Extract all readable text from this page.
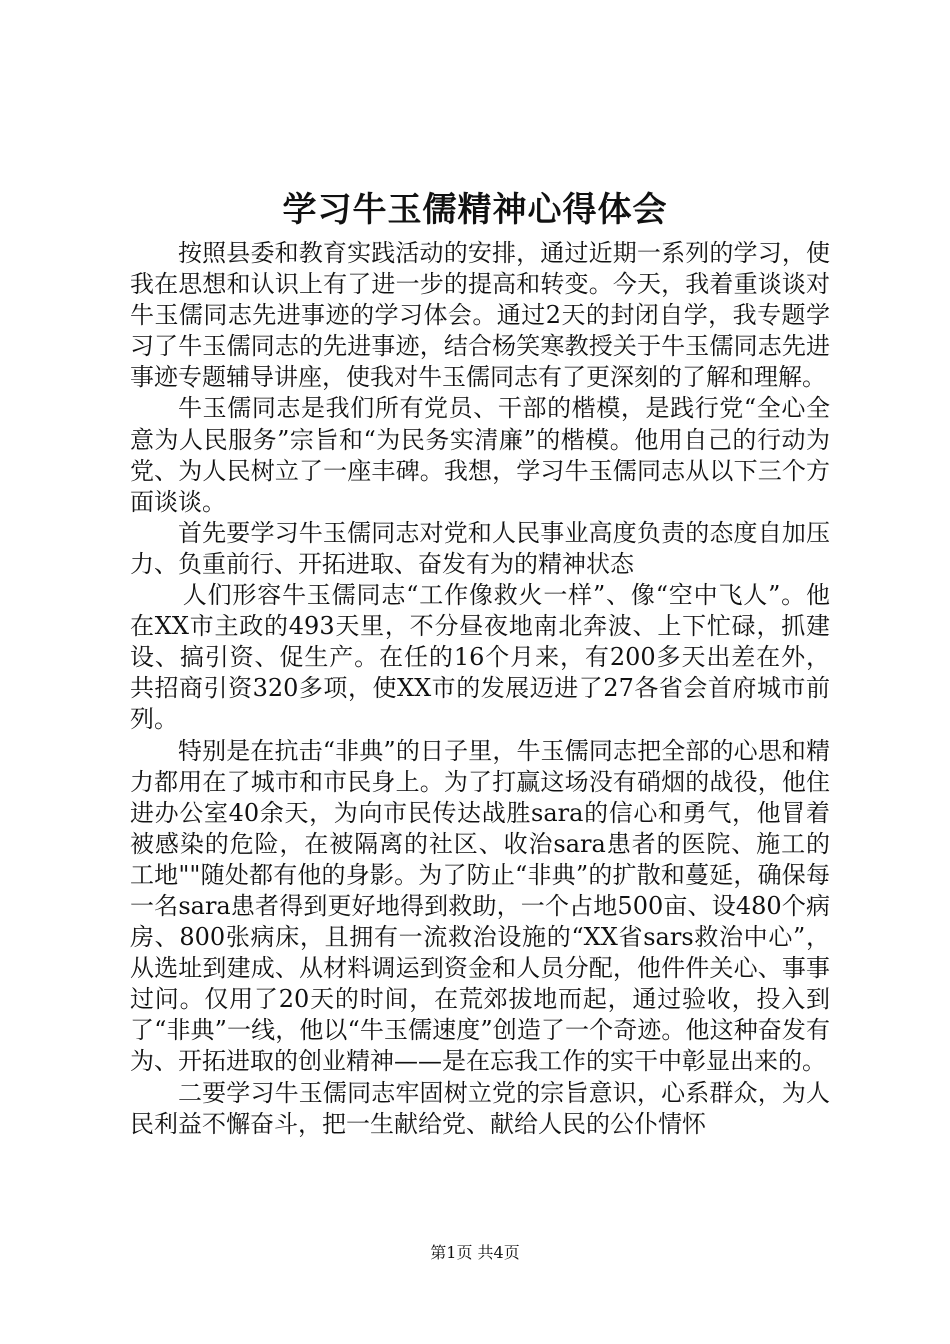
学习牛玉儒精神心得体会

按照县委和教育实践活动的安排，通过近期一系列的学习，使我在思想和认识上有了进一步的提高和转变。今天，我着重谈谈对牛玉儒同志先进事迹的学习体会。通过2天的封闭自学，我专题学习了牛玉儒同志的先进事迹，结合杨笑寒教授关于牛玉儒同志先进事迹专题辅导讲座，使我对牛玉儒同志有了更深刻的了解和理解。

牛玉儒同志是我们所有党员、干部的楷模，是践行党“全心全意为人民服务”宗旨和“为民务实清廉”的楷模。他用自己的行动为党、为人民树立了一座丰碑。我想，学习牛玉儒同志从以下三个方面谈谈。

首先要学习牛玉儒同志对党和人民事业高度负责的态度自加压力、负重前行、开拓进取、奋发有为的精神状态

人们形容牛玉儒同志“工作像救火一样”、像“空中飞人”。他在XX市主政的493天里，不分昼夜地南北奔波、上下忙碌，抓建设、搞引资、促生产。在任的16个月来，有200多天出差在外，共招商引资320多项，使XX市的发展迈进了27各省会首府城市前列。

特别是在抗击“非典”的日子里，牛玉儒同志把全部的心思和精力都用在了城市和市民身上。为了打赢这场没有硝烟的战役，他住进办公室40余天，为向市民传达战胜sara的信心和勇气，他冒着被感染的危险，在被隔离的社区、收治sara患者的医院、施工的工地""随处都有他的身影。为了防止“非典”的扩散和蔓延，确保每一名sara患者得到更好地得到救助，一个占地500亩、设480个病房、800张病床，且拥有一流救治设施的“XX省sars救治中心”，从选址到建成、从材料调运到资金和人员分配，他件件关心、事事过问。仅用了20天的时间，在荒郊拔地而起，通过验收，投入到了“非典”一线，他以“牛玉儒速度”创造了一个奇迹。他这种奋发有为、开拓进取的创业精神——是在忘我工作的实干中彰显出来的。

二要学习牛玉儒同志牢固树立党的宗旨意识，心系群众，为人民利益不懈奋斗，把一生献给党、献给人民的公仆情怀

第1页 共4页
